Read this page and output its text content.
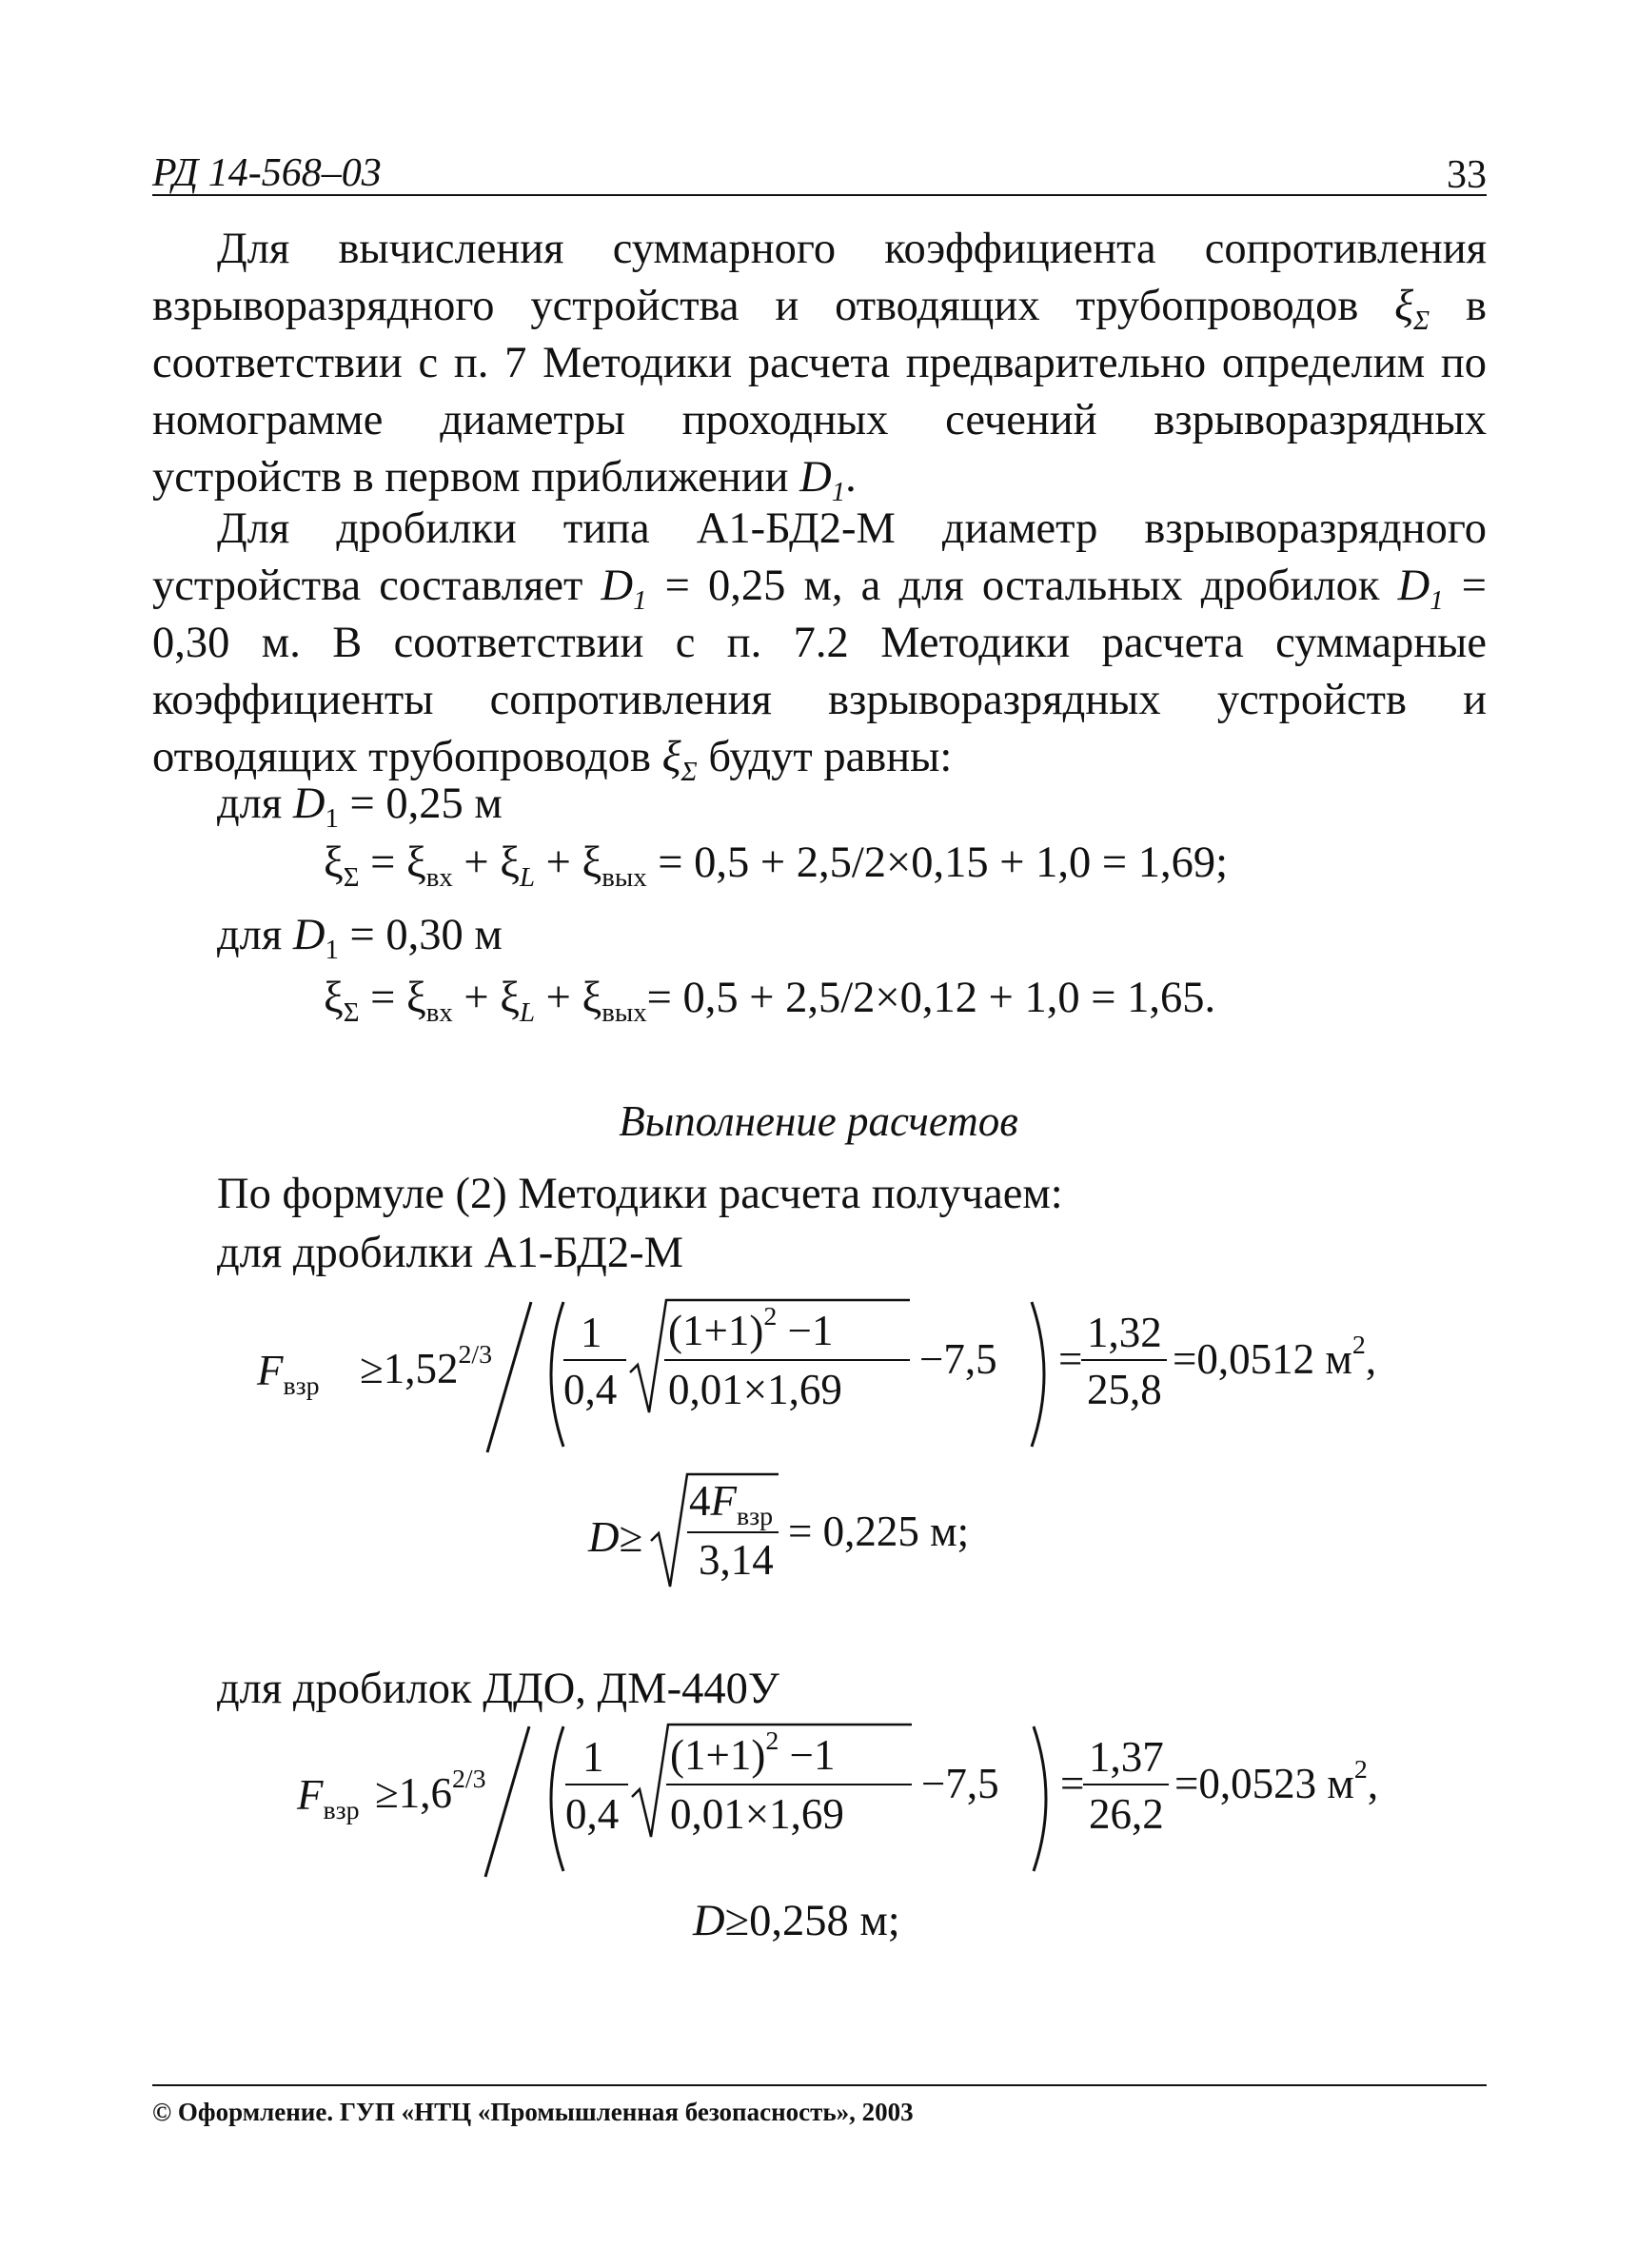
РД 14-568–03	33

Для вычисления суммарного коэффициента сопротивления взрыворазрядного устройства и отводящих трубопроводов $\xi_\Sigma$ в соответствии с п. 7 Методики расчета предварительно определим по номограмме диаметры проходных сечений взрыворазрядных устройств в первом приближении $D_1$.

Для дробилки типа А1-БД2-М диаметр взрыворазрядного устройства составляет $D_1 = 0,25$ м, а для остальных дробилок $D_1 = 0,30$ м. В соответствии с п. 7.2 Методики расчета суммарные коэффициенты сопротивления взрыворазрядных устройств и отводящих трубопроводов $\xi_\Sigma$ будут равны:

для $D_1 = 0,25$ м
$\xi_\Sigma = \xi_{вх} + \xi_L + \xi_{вых} = 0,5 + 2,5/2\times 0,15 + 1,0 = 1,69$;
для $D_1 = 0,30$ м
$\xi_\Sigma = \xi_{вх} + \xi_L + \xi_{вых}= 0,5 + 2,5/2\times 0,12 + 1,0 = 1,65$.
Выполнение расчетов
По формуле (2) Методики расчета получаем:
для дробилки А1-БД2-М
$F_{взр} \ge 1,52^{2/3}$ 1
0,4
$(1+1)^2 -1$
0,01×1,69
−7,5 =
1,32
25,8
=0,0512 $м^2$,
D≥
$4F_{взр}$
3,14
= 0,225 м;
для дробилок ДДО, ДМ-440У
$F_{взр} \ge 1,6^{2/3}$ 1
0,4
$(1+1)^2 -1$
0,01×1,69
−7,5 =
1,37
26,2
=0,0523 $м^2$,
D≥0,258 м;
© Оформление. ГУП «НТЦ «Промышленная безопасность», 2003
